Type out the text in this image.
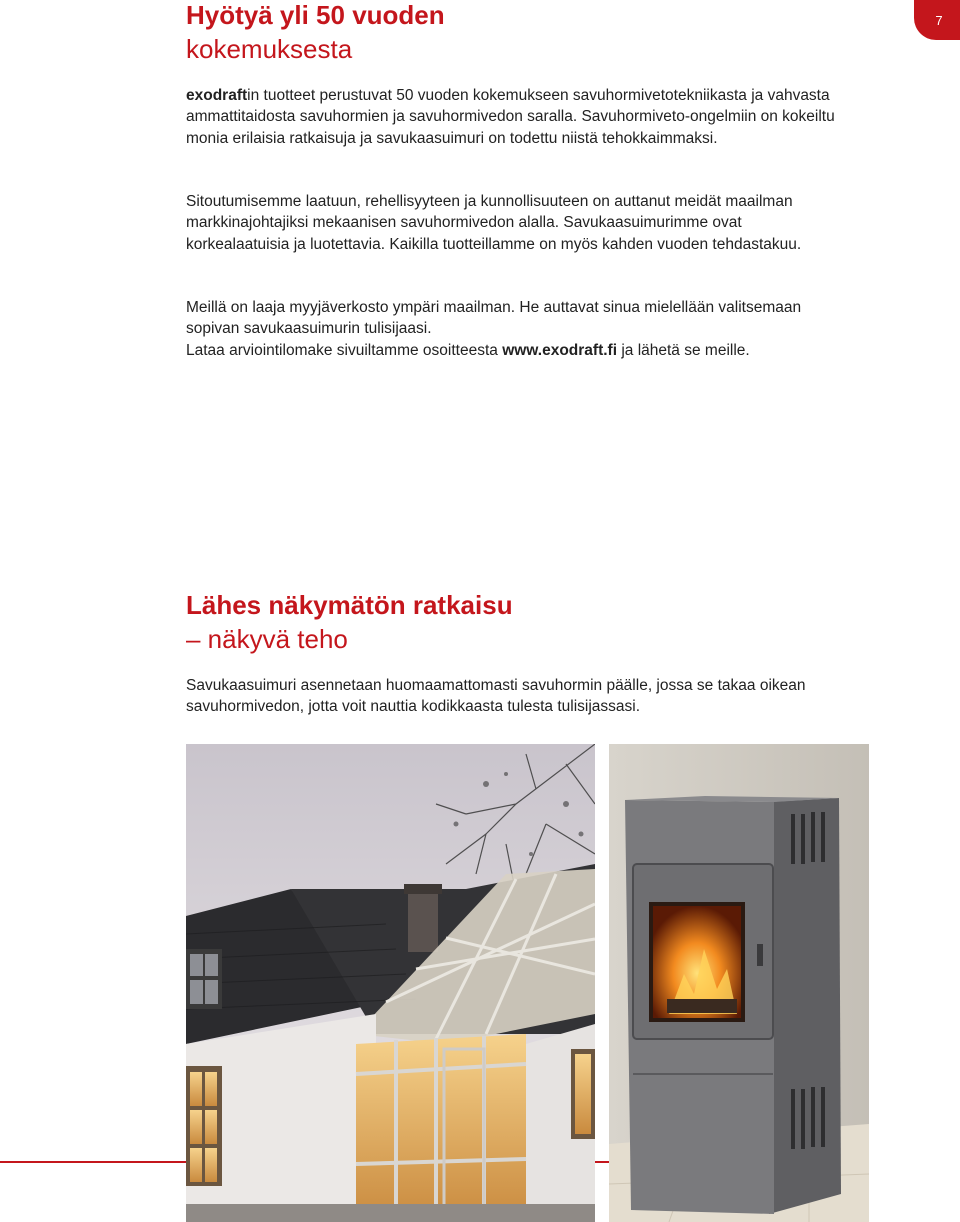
7
Hyötyä yli 50 vuoden
kokemuksesta

exodraftin tuotteet perustuvat 50 vuoden kokemukseen savuhormivetotekniikasta ja vahvasta ammattitaidosta savuhormien ja savuhormivedon saralla. Savuhormiveto-ongelmiin on kokeiltu monia erilaisia ratkaisuja ja savukaasuimuri on todettu niistä tehokkaimmaksi.

Sitoutumisemme laatuun, rehellisyyteen ja kunnollisuuteen on auttanut meidät maailman markkinajohtajiksi mekaanisen savuhormivedon alalla. Savukaasuimurimme ovat korkealaatuisia ja luotettavia. Kaikilla tuotteillamme on myös kahden vuoden tehdastakuu.

Meillä on laaja myyjäverkosto ympäri maailman. He auttavat sinua mielellään valitsemaan sopivan savukaasuimurin tulisijaasi.
Lataa arviointilomake sivuiltamme osoitteesta www.exodraft.fi ja lähetä se meille.

Lähes näkymätön ratkaisu
– näkyvä teho

Savukaasuimuri asennetaan huomaamattomasti savuhormin päälle, jossa se takaa oikean savuhormivedon, jotta voit nauttia kodikkaasta tulesta tulisijassasi.
